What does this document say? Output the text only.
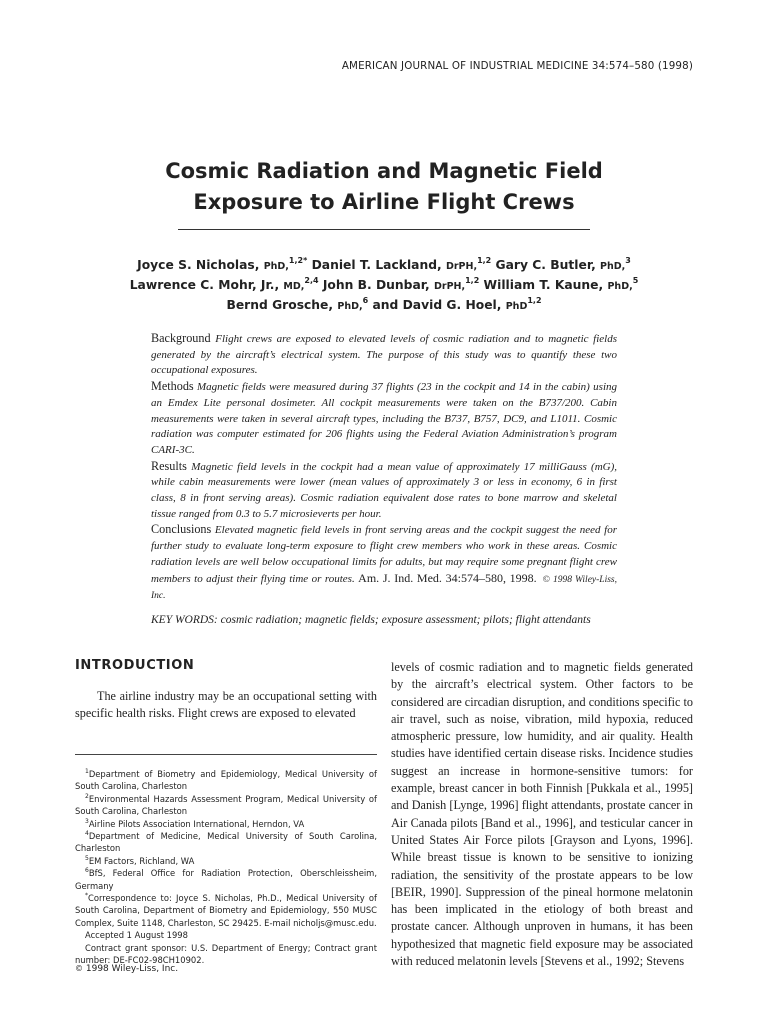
AMERICAN JOURNAL OF INDUSTRIAL MEDICINE 34:574–580 (1998)
Cosmic Radiation and Magnetic Field
Exposure to Airline Flight Crews
Joyce S. Nicholas, PhD,$^{1,2*}$ Daniel T. Lackland, DrPH,$^{1,2}$ Gary C. Butler, PhD,$^3$
Lawrence C. Mohr, Jr., MD,$^{2,4}$ John B. Dunbar, DrPH,$^{1,2}$ William T. Kaune, PhD,$^5$
Bernd Grosche, PhD,$^6$ and David G. Hoel, PhD$^{1,2}$

Background Flight crews are exposed to elevated levels of cosmic radiation and to magnetic fields generated by the aircraft’s electrical system. The purpose of this study was to quantify these two occupational exposures.

Methods Magnetic fields were measured during 37 flights (23 in the cockpit and 14 in the cabin) using an Emdex Lite personal dosimeter. All cockpit measurements were taken on the B737/200. Cabin measurements were taken in several aircraft types, including the B737, B757, DC9, and L1011. Cosmic radiation was computer estimated for 206 flights using the Federal Aviation Administration’s program CARI-3C.

Results Magnetic field levels in the cockpit had a mean value of approximately 17 milliGauss (mG), while cabin measurements were lower (mean values of approximately 3 or less in economy, 6 in first class, 8 in front serving areas). Cosmic radiation equivalent dose rates to bone marrow and skeletal tissue ranged from 0.3 to 5.7 microsieverts per hour.

Conclusions Elevated magnetic field levels in front serving areas and the cockpit suggest the need for further study to evaluate long-term exposure to flight crew members who work in these areas. Cosmic radiation levels are well below occupational limits for adults, but may require some pregnant flight crew members to adjust their flying time or routes. Am. J. Ind. Med. 34:574–580, 1998. © 1998 Wiley-Liss, Inc.

KEY WORDS: cosmic radiation; magnetic fields; exposure assessment; pilots; flight attendants
INTRODUCTION

The airline industry may be an occupational setting with specific health risks. Flight crews are exposed to elevated

$^1$Department of Biometry and Epidemiology, Medical University of South Carolina, Charleston
$^2$Environmental Hazards Assessment Program, Medical University of South Carolina, Charleston
$^3$Airline Pilots Association International, Herndon, VA
$^4$Department of Medicine, Medical University of South Carolina, Charleston
$^5$EM Factors, Richland, WA
$^6$BfS, Federal Office for Radiation Protection, Oberschleissheim, Germany
*Correspondence to: Joyce S. Nicholas, Ph.D., Medical University of South Carolina, Department of Biometry and Epidemiology, 550 MUSC Complex, Suite 1148, Charleston, SC 29425. E-mail nicholjs@musc.edu.
Accepted 1 August 1998
Contract grant sponsor: U.S. Department of Energy; Contract grant number: DE-FC02-98CH10902.
© 1998 Wiley-Liss, Inc.

levels of cosmic radiation and to magnetic fields generated by the aircraft’s electrical system. Other factors to be considered are circadian disruption, and conditions specific to air travel, such as noise, vibration, mild hypoxia, reduced atmospheric pressure, low humidity, and air quality. Health studies have identified certain disease risks. Incidence studies suggest an increase in hormone-sensitive tumors: for example, breast cancer in both Finnish [Pukkala et al., 1995] and Danish [Lynge, 1996] flight attendants, prostate cancer in Air Canada pilots [Band et al., 1996], and testicular cancer in United States Air Force pilots [Grayson and Lyons, 1996]. While breast tissue is known to be sensitive to ionizing radiation, the sensitivity of the prostate appears to be low [BEIR, 1990]. Suppression of the pineal hormone melatonin has been implicated in the etiology of both breast and prostate cancer. Although unproven in humans, it has been hypothesized that magnetic field exposure may be associated with reduced melatonin levels [Stevens et al., 1992; Stevens
